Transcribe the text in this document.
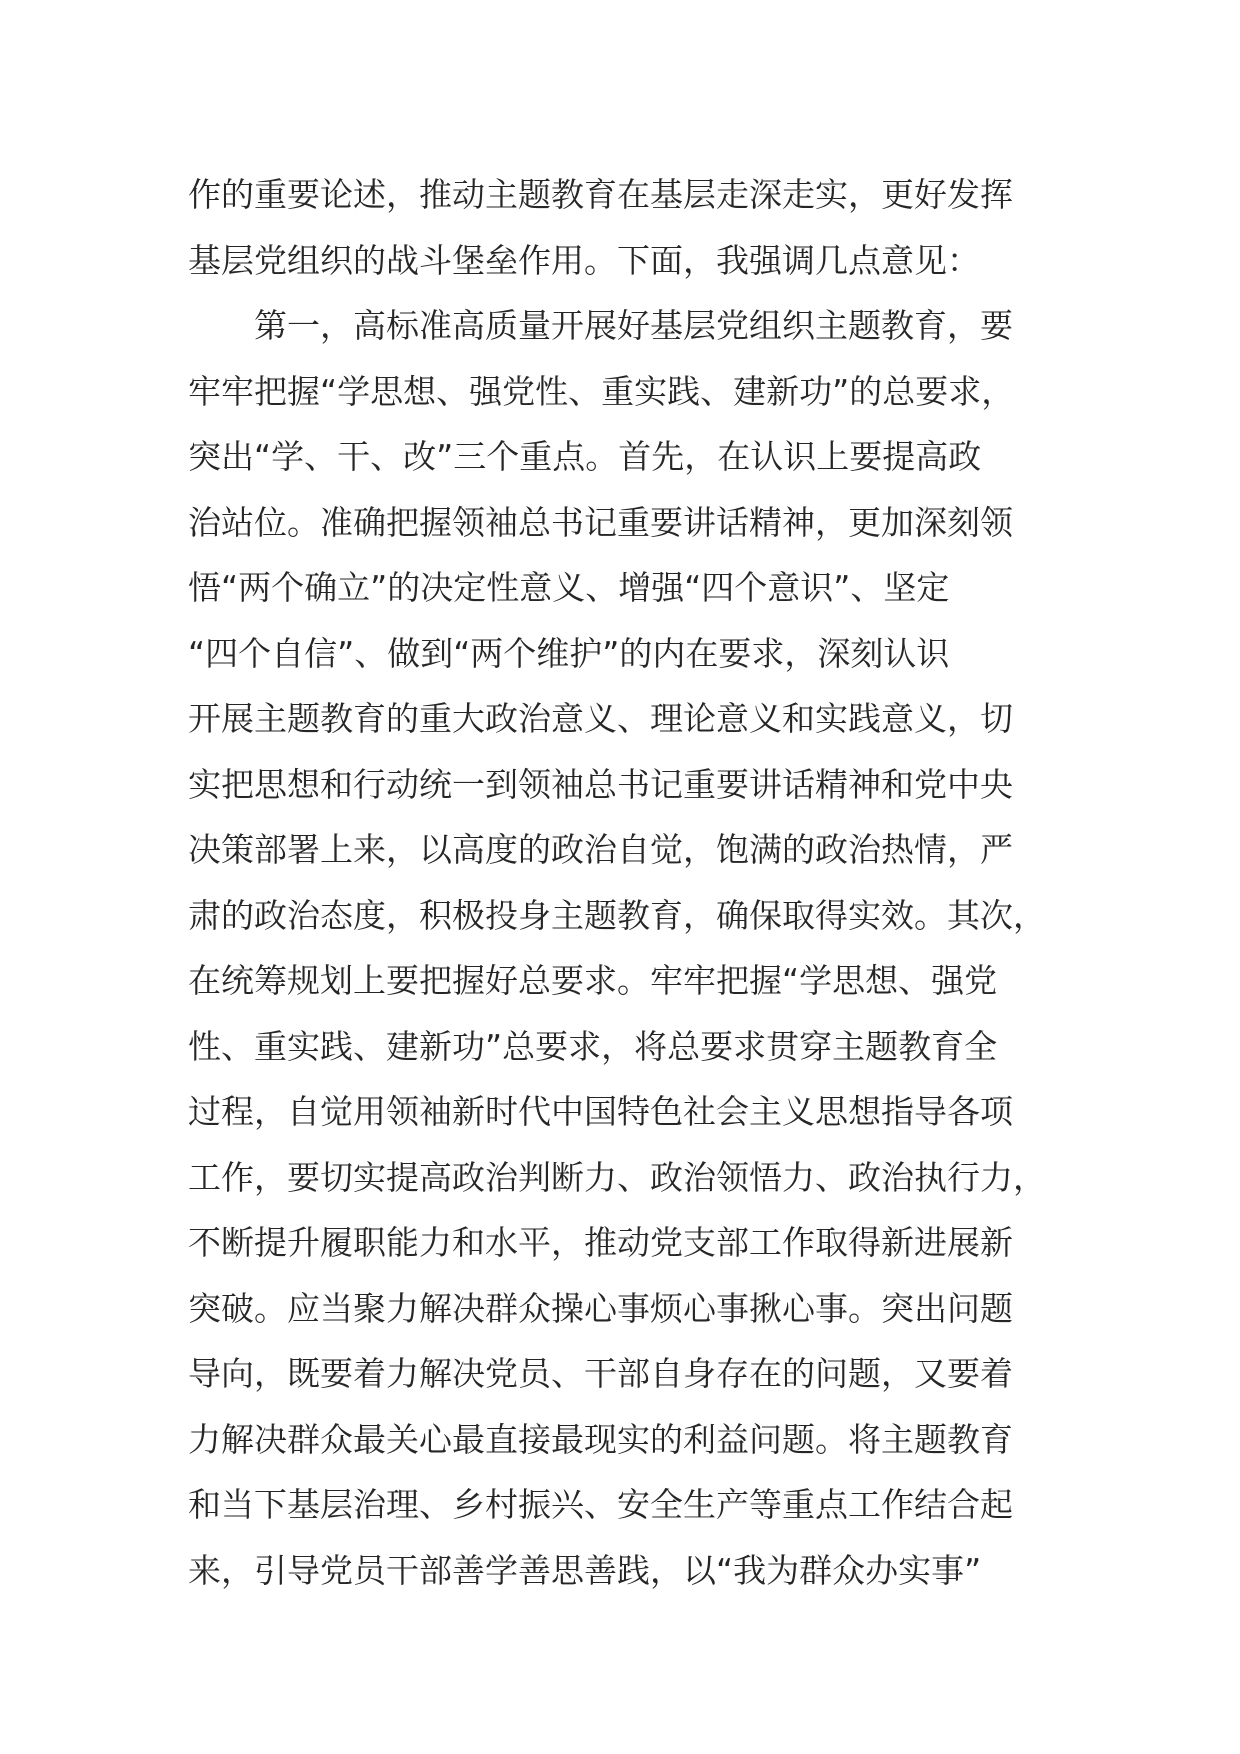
作的重要论述，推动主题教育在基层走深走实，更好发挥
基层党组织的战斗堡垒作用。下面，我强调几点意见：
第一，高标准高质量开展好基层党组织主题教育，要
牢牢把握“学思想、强党性、重实践、建新功”的总要求，
突出“学、干、改”三个重点。首先，在认识上要提高政
治站位。准确把握领袖总书记重要讲话精神，更加深刻领
悟“两个确立”的决定性意义、增强“四个意识”、坚定
“四个自信”、做到“两个维护”的内在要求，深刻认识
开展主题教育的重大政治意义、理论意义和实践意义，切
实把思想和行动统一到领袖总书记重要讲话精神和党中央
决策部署上来，以高度的政治自觉，饱满的政治热情，严
肃的政治态度，积极投身主题教育，确保取得实效。其次，
在统筹规划上要把握好总要求。牢牢把握“学思想、强党
性、重实践、建新功”总要求，将总要求贯穿主题教育全
过程，自觉用领袖新时代中国特色社会主义思想指导各项
工作，要切实提高政治判断力、政治领悟力、政治执行力，
不断提升履职能力和水平，推动党支部工作取得新进展新
突破。应当聚力解决群众操心事烦心事揪心事。突出问题
导向，既要着力解决党员、干部自身存在的问题，又要着
力解决群众最关心最直接最现实的利益问题。将主题教育
和当下基层治理、乡村振兴、安全生产等重点工作结合起
来，引导党员干部善学善思善践，以“我为群众办实事”
